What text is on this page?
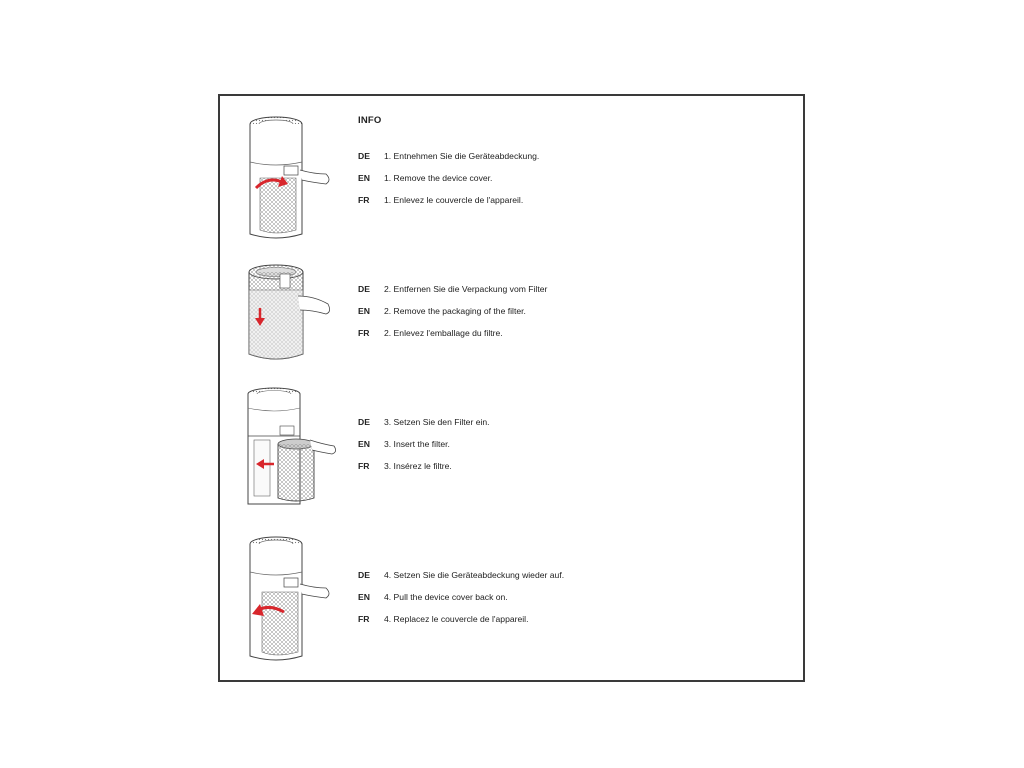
INFO
DE	1. Entnehmen Sie die Geräteabdeckung.
EN	1. Remove the device cover.
FR	1. Enlevez le couvercle de l'appareil.
DE	2. Entfernen Sie die Verpackung vom Filter
EN	2. Remove the packaging of the filter.
FR	2. Enlevez l'emballage du filtre.
DE	3. Setzen Sie den Filter ein.
EN	3. Insert the filter.
FR	3. Insérez le filtre.
DE	4. Setzen Sie die Geräteabdeckung wieder auf.
EN	4. Pull the device cover back on.
FR	4. Replacez le couvercle de l'appareil.
